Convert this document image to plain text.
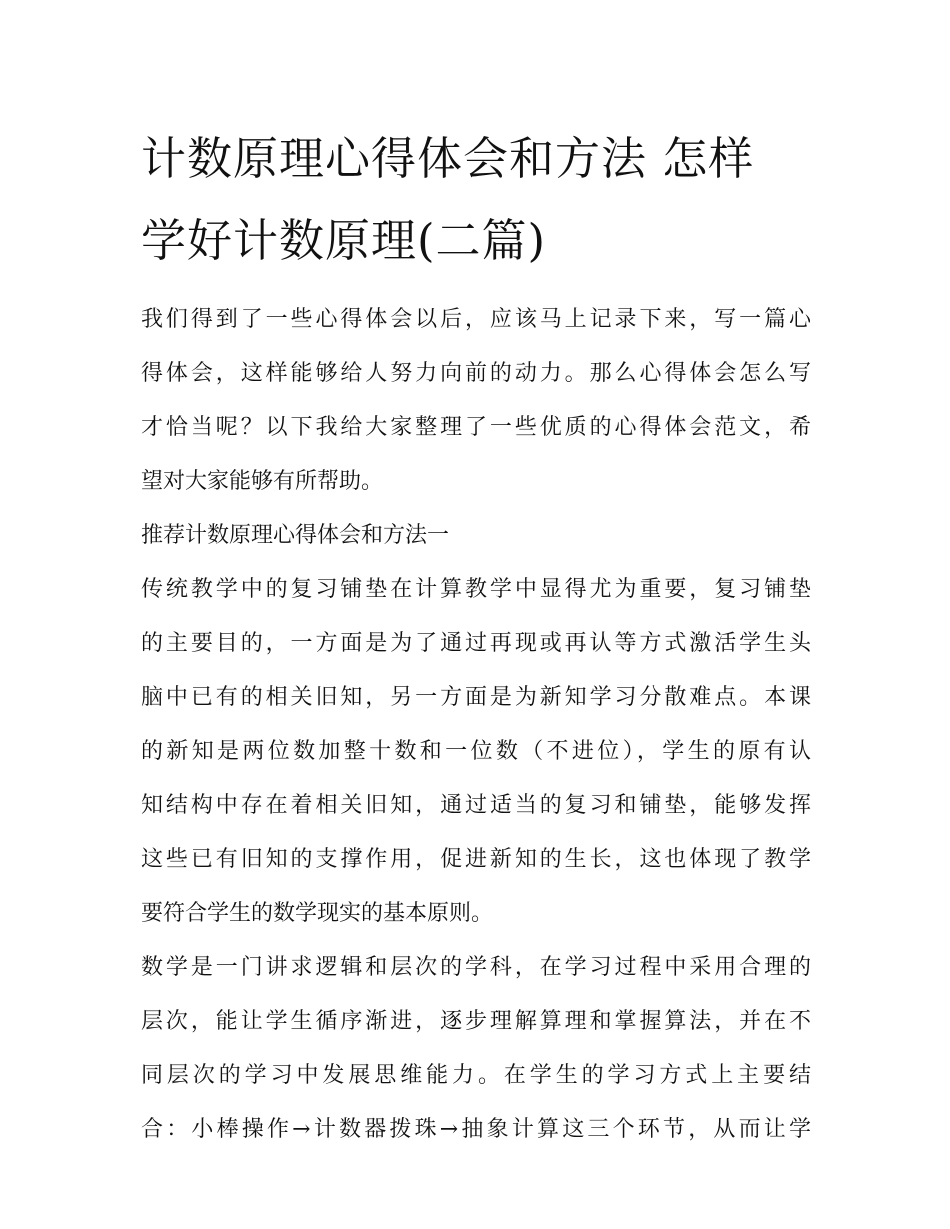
计数原理心得体会和方法 怎样
学好计数原理(二篇)

我们得到了一些心得体会以后，应该马上记录下来，写一篇心
得体会，这样能够给人努力向前的动力。那么心得体会怎么写
才恰当呢？以下我给大家整理了一些优质的心得体会范文，希
望对大家能够有所帮助。

推荐计数原理心得体会和方法一

传统教学中的复习铺垫在计算教学中显得尤为重要，复习铺垫
的主要目的，一方面是为了通过再现或再认等方式激活学生头
脑中已有的相关旧知，另一方面是为新知学习分散难点。本课
的新知是两位数加整十数和一位数（不进位），学生的原有认
知结构中存在着相关旧知，通过适当的复习和铺垫，能够发挥
这些已有旧知的支撑作用，促进新知的生长，这也体现了教学
要符合学生的数学现实的基本原则。

数学是一门讲求逻辑和层次的学科，在学习过程中采用合理的
层次，能让学生循序渐进，逐步理解算理和掌握算法，并在不
同层次的学习中发展思维能力。在学生的学习方式上主要结
合：小棒操作→计数器拨珠→抽象计算这三个环节，从而让学
